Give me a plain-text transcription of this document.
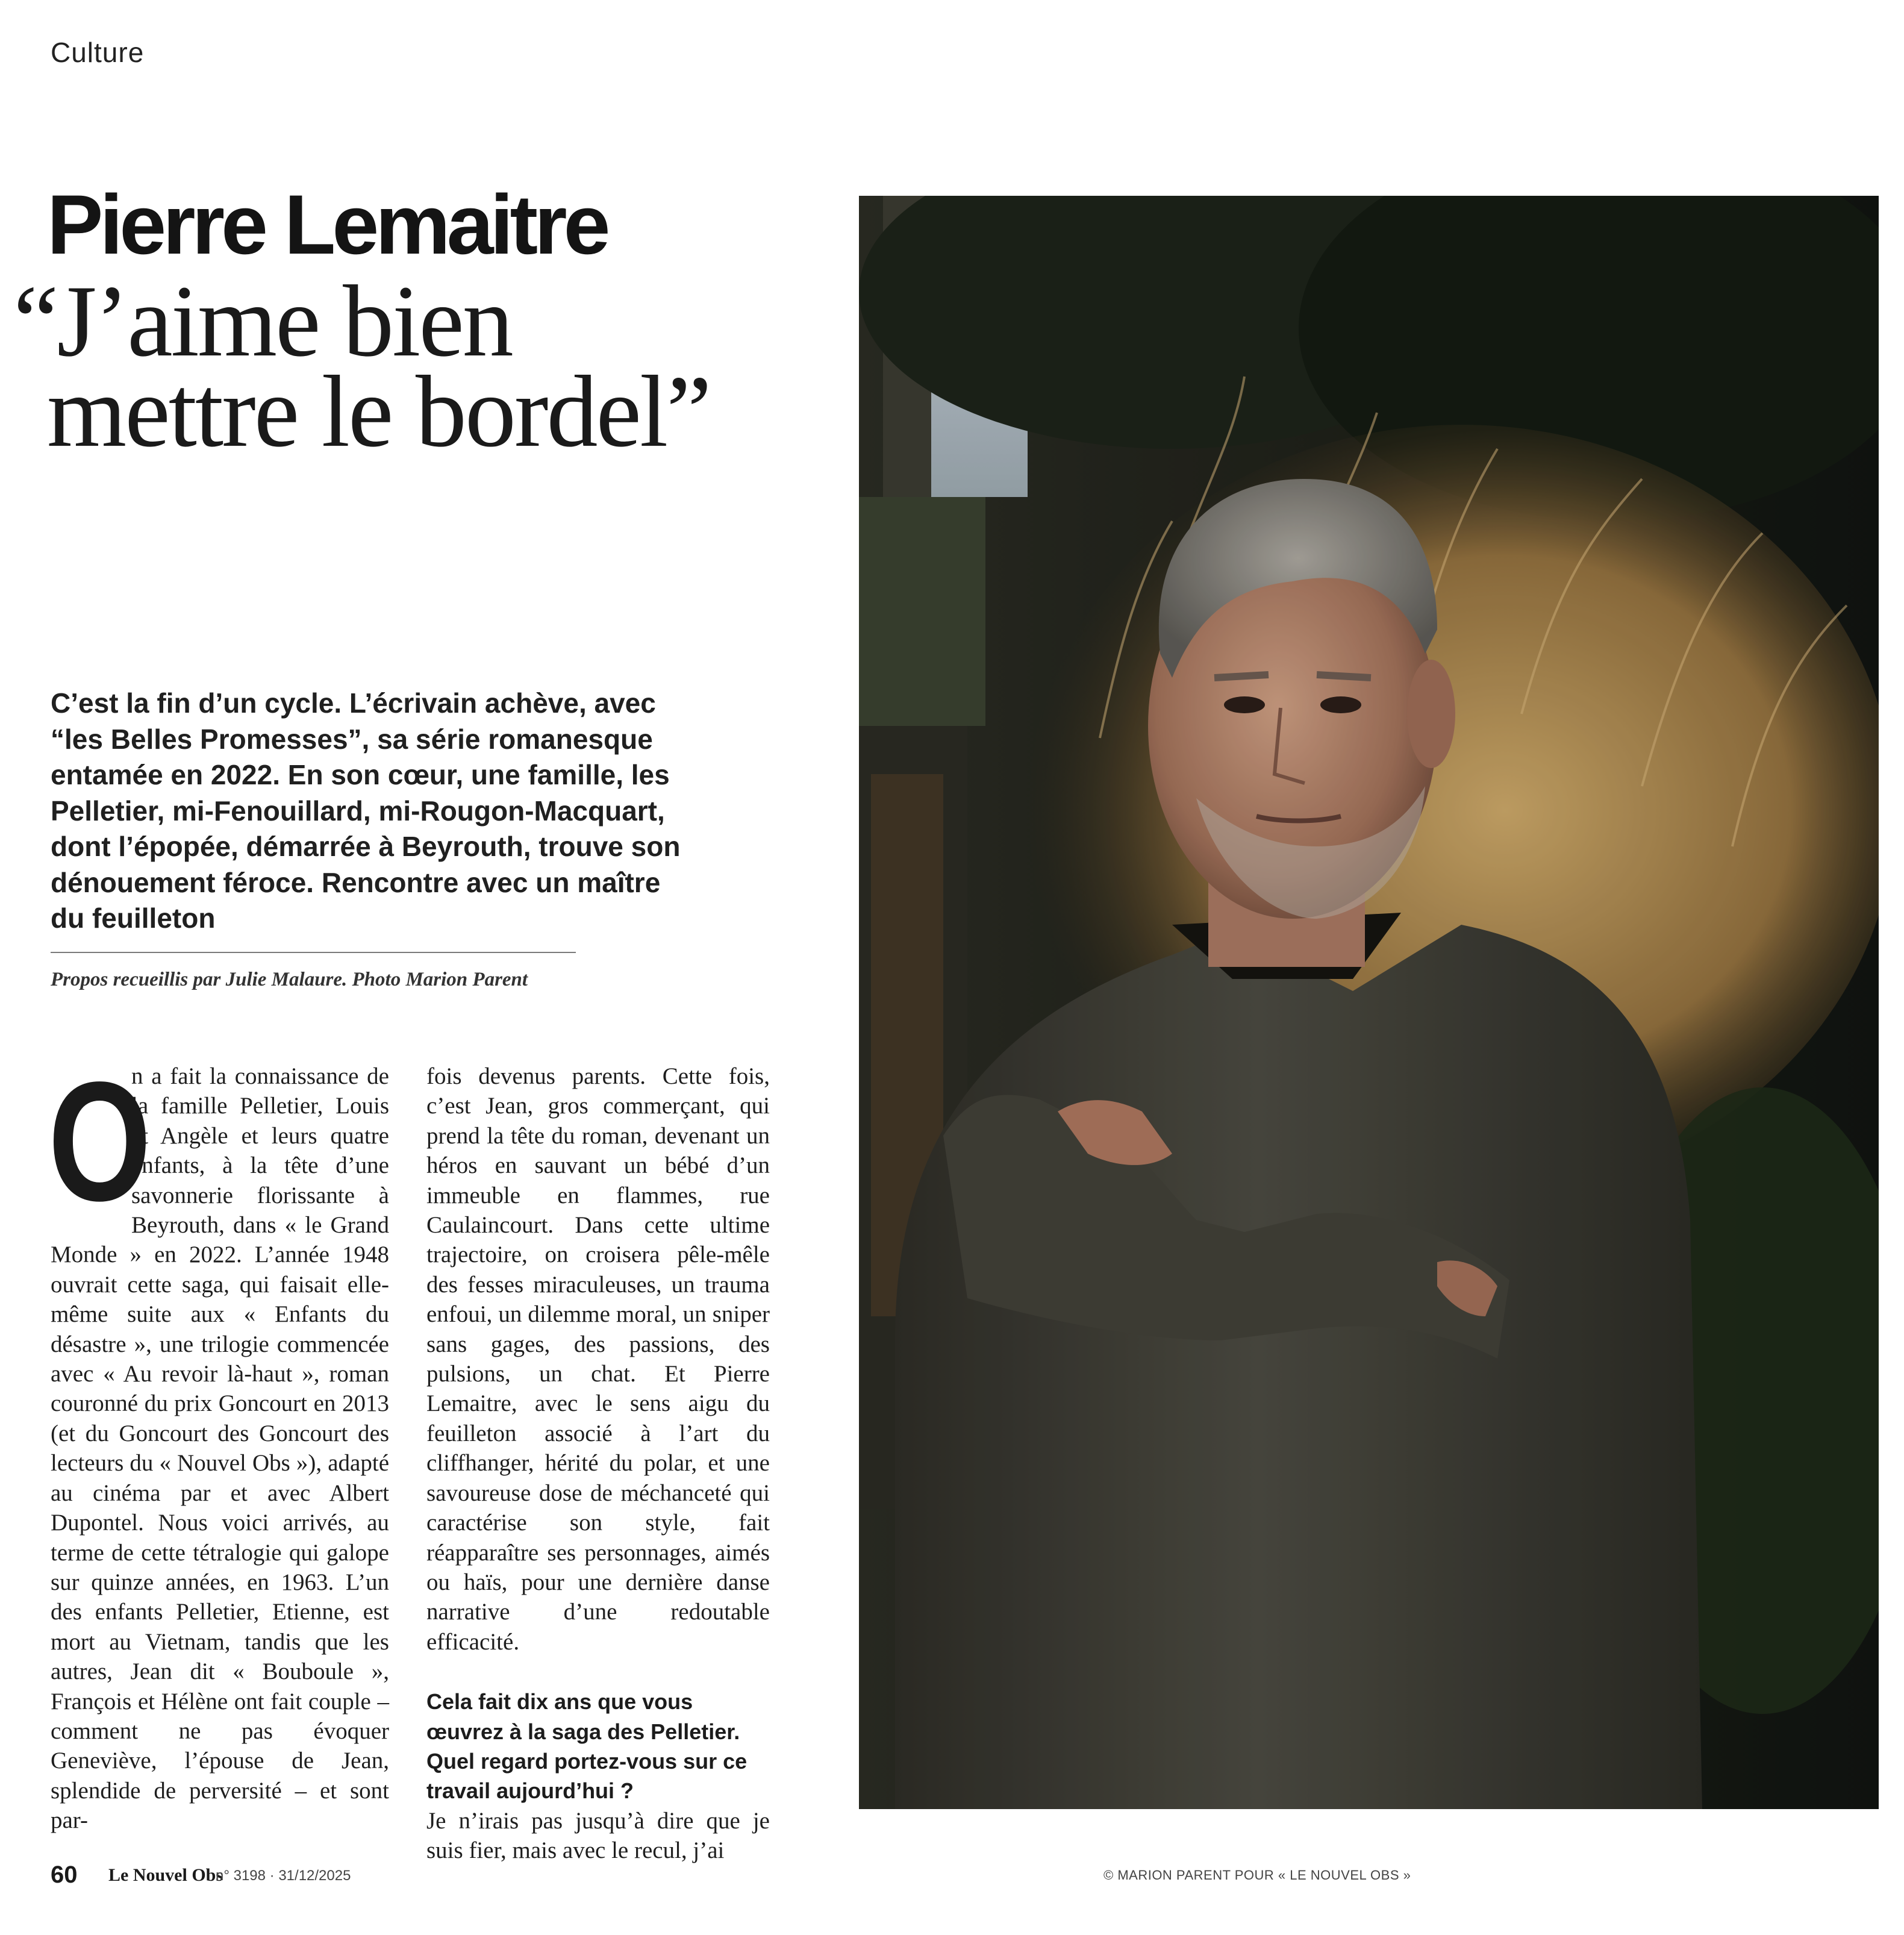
Culture
Pierre Lemaitre
“J’aime bien
mettre le bordel”
C’est la fin d’un cycle. L’écrivain achève, avec “les Belles Promesses”, sa série romanesque entamée en 2022. En son cœur, une famille, les Pelletier, mi-Fenouillard, mi-Rougon-Macquart, dont l’épopée, démarrée à Beyrouth, trouve son dénouement féroce. Rencontre avec un maître du feuilleton
Propos recueillis par Julie Malaure. Photo Marion Parent
O
n a fait la connaissance de la famille Pelletier, Louis et Angèle et leurs quatre enfants, à la tête d’une savonnerie florissante à Beyrouth, dans « le Grand Monde » en 2022. L’année 1948 ouvrait cette saga, qui faisait elle-même suite aux « Enfants du désastre », une trilogie commencée avec « Au revoir là-haut », roman couronné du prix Goncourt en 2013 (et du Goncourt des Goncourt des lecteurs du « Nouvel Obs »), adapté au cinéma par et avec Albert Dupontel. Nous voici arrivés, au terme de cette tétralogie qui galope sur quinze années, en 1963. L’un des enfants Pelletier, Etienne, est mort au Vietnam, tandis que les autres, Jean dit « Bouboule », François et Hélène ont fait couple – comment ne pas évoquer Geneviève, l’épouse de Jean, splendide de perversité – et sont par-
fois devenus parents. Cette fois, c’est Jean, gros commerçant, qui prend la tête du roman, devenant un héros en sauvant un bébé d’un immeuble en flammes, rue Caulaincourt. Dans cette ultime trajectoire, on croisera pêle-mêle des fesses miraculeuses, un trauma enfoui, un dilemme moral, un sniper sans gages, des passions, des pulsions, un chat. Et Pierre Lemaitre, avec le sens aigu du feuilleton associé à l’art du cliffhanger, hérité du polar, et une savoureuse dose de méchanceté qui caractérise son style, fait réapparaître ses personnages, aimés ou haïs, pour une dernière danse narrative d’une redoutable efficacité.
Cela fait dix ans que vous œuvrez à la saga des Pelletier. Quel regard portez-vous sur ce travail aujourd’hui ?
Je n’irais pas jusqu’à dire que je suis fier, mais avec le recul, j’ai
60 Le Nouvel Obs
n° 3198 · 31/12/2025	© MARION PARENT POUR « LE NOUVEL OBS »
